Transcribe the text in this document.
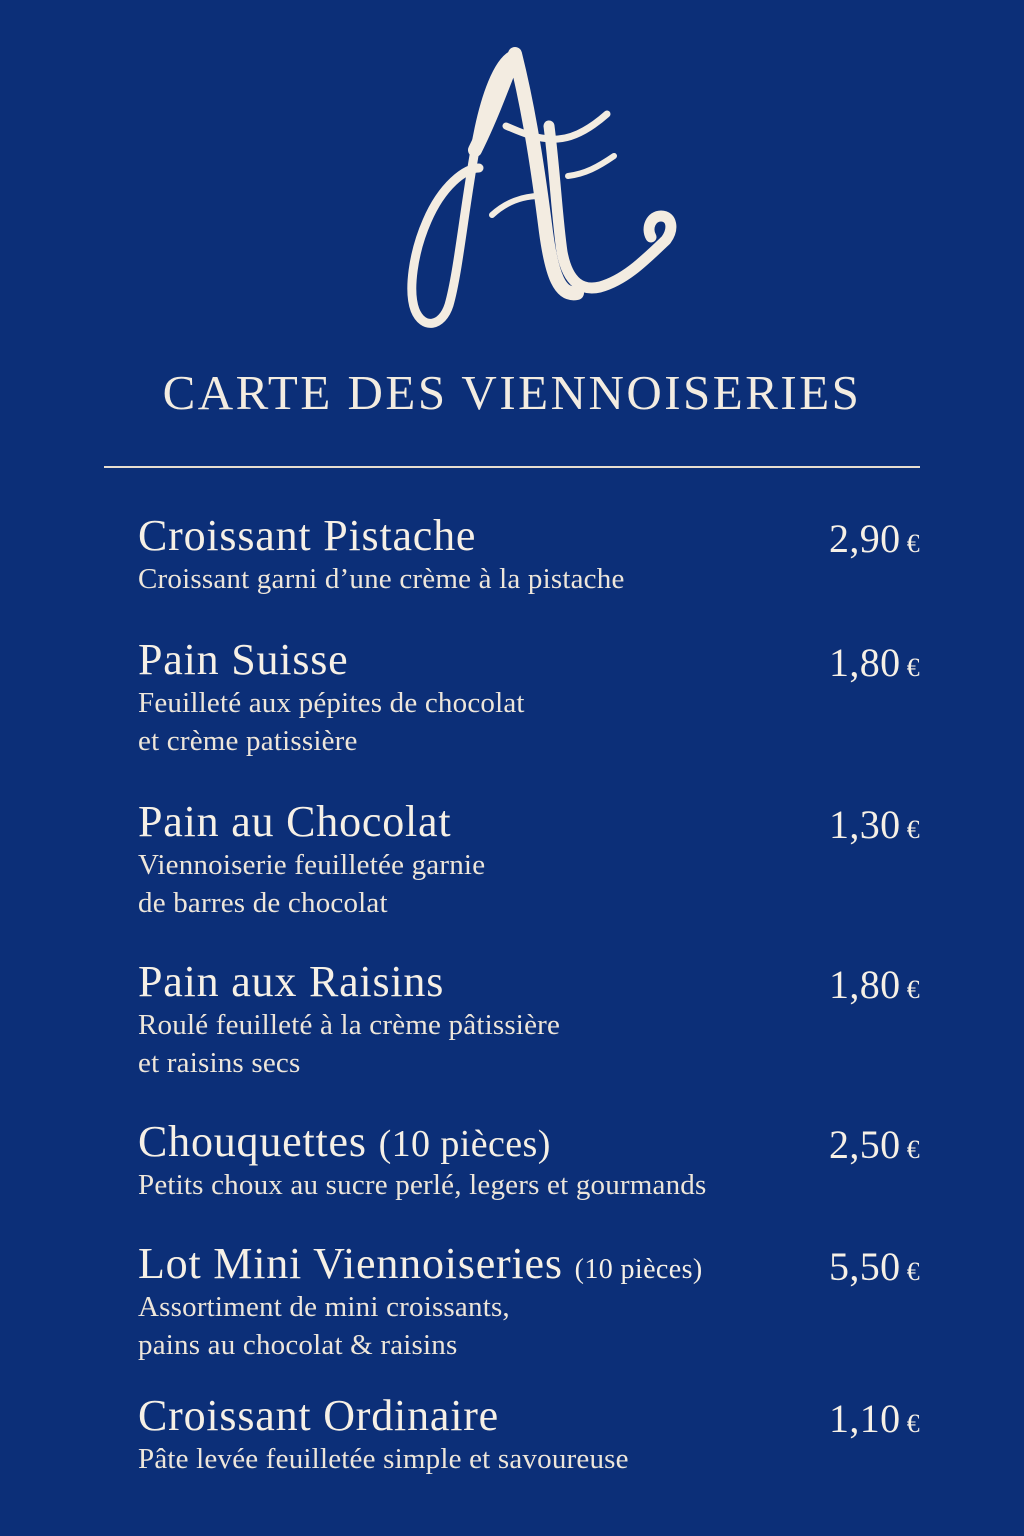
CARTE DES VIENNOISERIES
Croissant Pistache	2,90 €
Croissant garni d’une crème à la pistache
Pain Suisse	1,80 €
Feuilleté aux pépites de chocolat
et crème patissière
Pain au Chocolat	1,30 €
Viennoiserie feuilletée garnie
de barres de chocolat
Pain aux Raisins	1,80 €
Roulé feuilleté à la crème pâtissière
et raisins secs
Chouquettes (10 pièces)	2,50 €
Petits choux au sucre perlé, legers et gourmands
Lot Mini Viennoiseries (10 pièces)	5,50 €
Assortiment de mini croissants,
pains au chocolat & raisins
Croissant Ordinaire	1,10 €
Pâte levée feuilletée simple et savoureuse
